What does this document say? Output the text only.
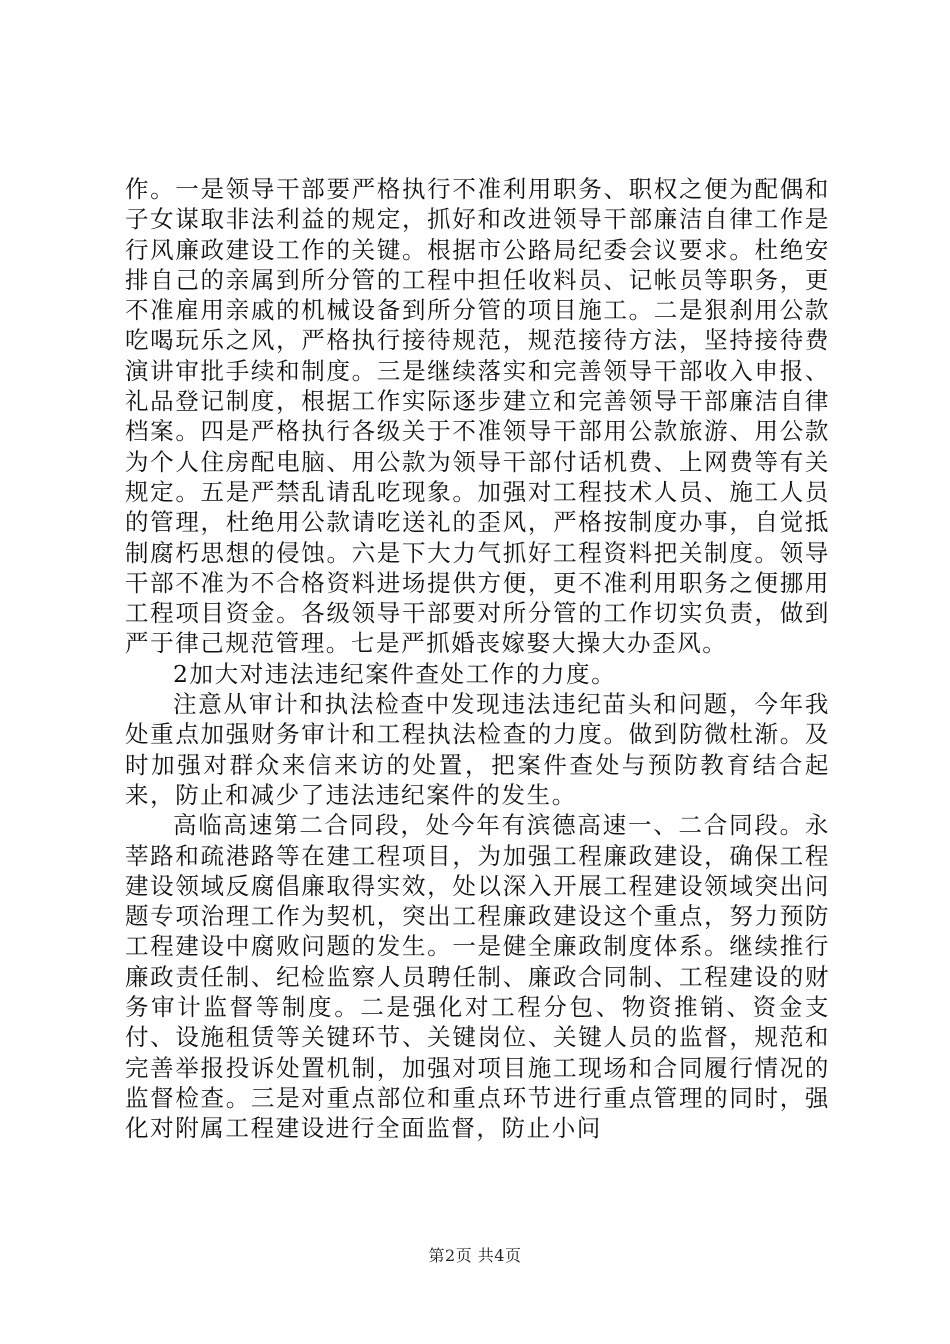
作。一是领导干部要严格执行不准利用职务、职权之便为配偶和子女谋取非法利益的规定，抓好和改进领导干部廉洁自律工作是行风廉政建设工作的关键。根据市公路局纪委会议要求。杜绝安排自己的亲属到所分管的工程中担任收料员、记帐员等职务，更不准雇用亲戚的机械设备到所分管的项目施工。二是狠刹用公款吃喝玩乐之风，严格执行接待规范，规范接待方法，坚持接待费演讲审批手续和制度。三是继续落实和完善领导干部收入申报、礼品登记制度，根据工作实际逐步建立和完善领导干部廉洁自律档案。四是严格执行各级关于不准领导干部用公款旅游、用公款为个人住房配电脑、用公款为领导干部付话机费、上网费等有关规定。五是严禁乱请乱吃现象。加强对工程技术人员、施工人员的管理，杜绝用公款请吃送礼的歪风，严格按制度办事，自觉抵制腐朽思想的侵蚀。六是下大力气抓好工程资料把关制度。领导干部不准为不合格资料进场提供方便，更不准利用职务之便挪用工程项目资金。各级领导干部要对所分管的工作切实负责，做到严于律己规范管理。七是严抓婚丧嫁娶大操大办歪风。

2加大对违法违纪案件查处工作的力度。

注意从审计和执法检查中发现违法违纪苗头和问题，今年我处重点加强财务审计和工程执法检查的力度。做到防微杜渐。及时加强对群众来信来访的处置，把案件查处与预防教育结合起来，防止和减少了违法违纪案件的发生。

高临高速第二合同段，处今年有滨德高速一、二合同段。永莘路和疏港路等在建工程项目，为加强工程廉政建设，确保工程建设领域反腐倡廉取得实效，处以深入开展工程建设领域突出问题专项治理工作为契机，突出工程廉政建设这个重点，努力预防工程建设中腐败问题的发生。一是健全廉政制度体系。继续推行廉政责任制、纪检监察人员聘任制、廉政合同制、工程建设的财务审计监督等制度。二是强化对工程分包、物资推销、资金支付、设施租赁等关键环节、关键岗位、关键人员的监督，规范和完善举报投诉处置机制，加强对项目施工现场和合同履行情况的监督检查。三是对重点部位和重点环节进行重点管理的同时，强化对附属工程建设进行全面监督，防止小问

第2页 共4页
